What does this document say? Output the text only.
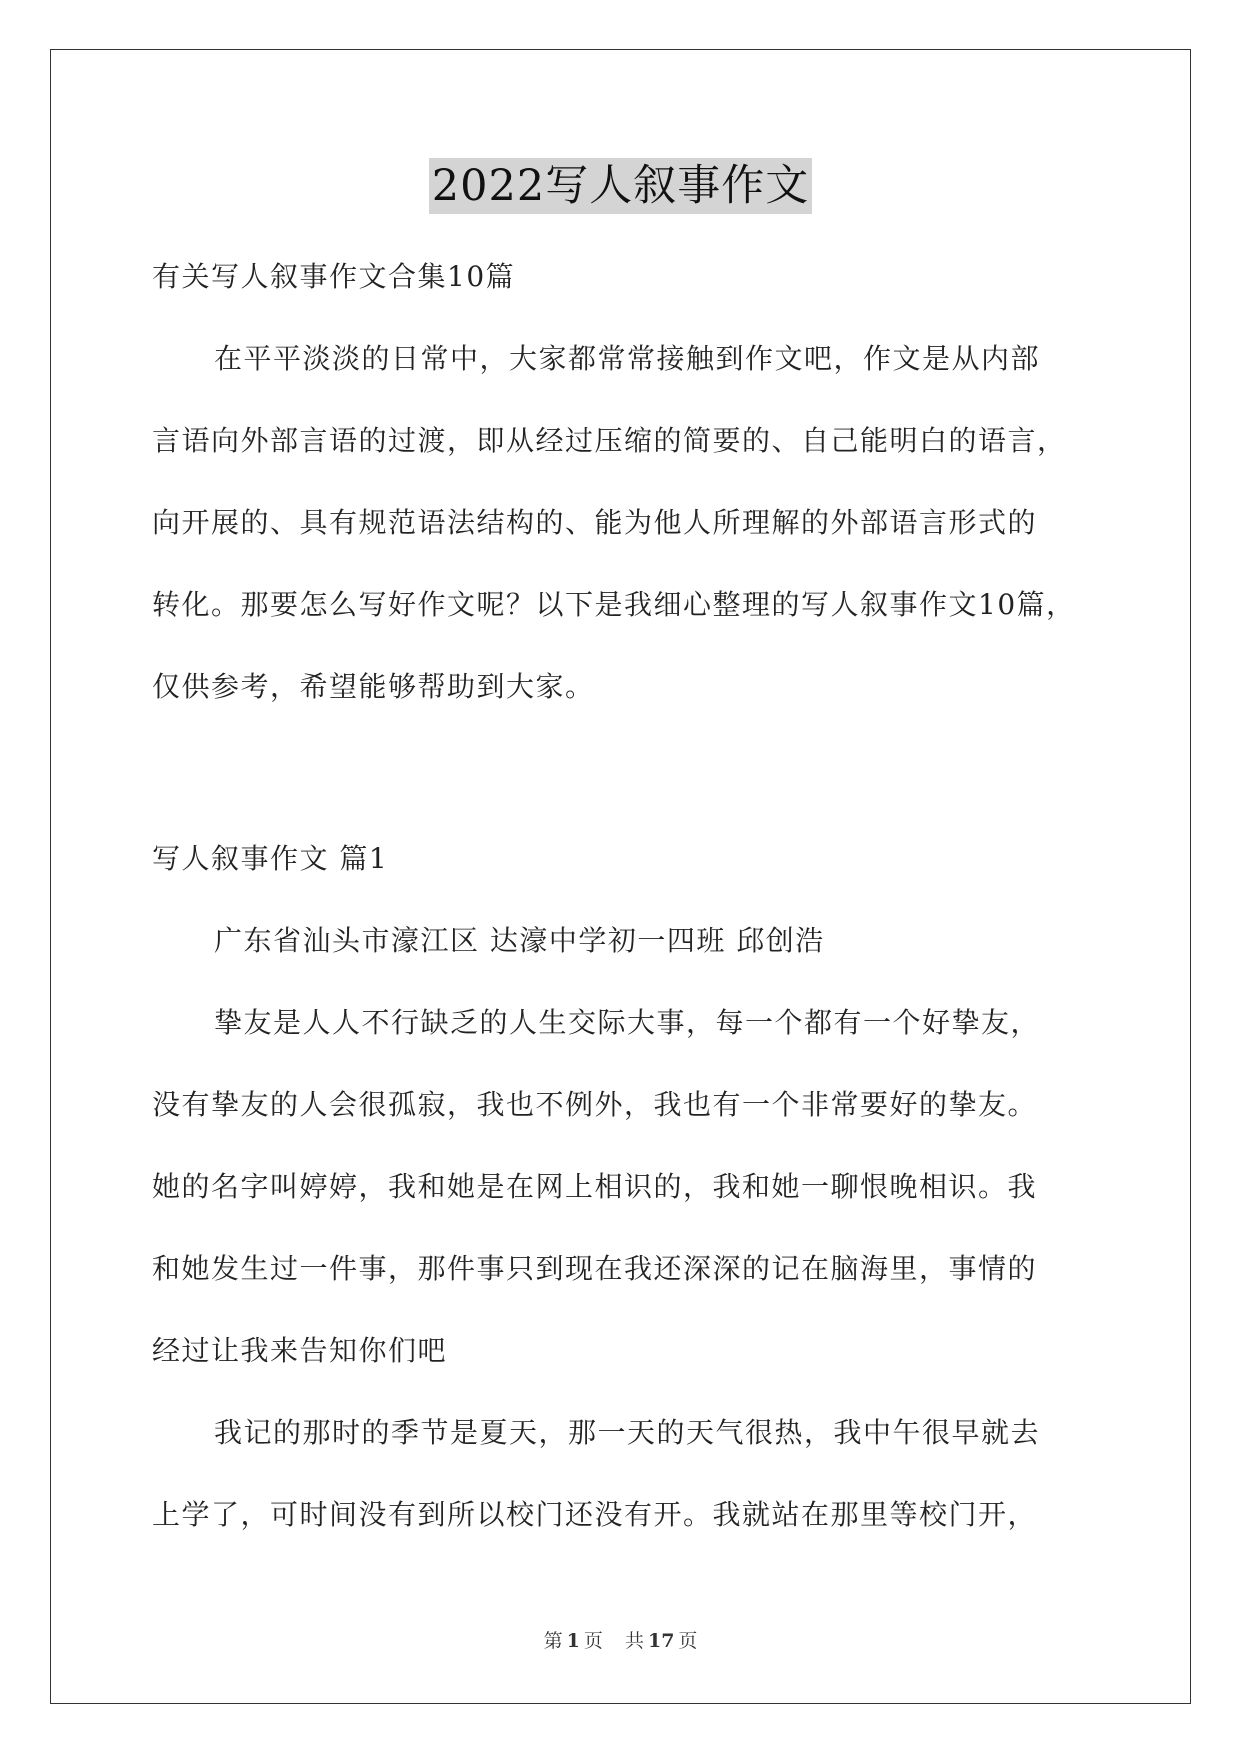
2022写人叙事作文

有关写人叙事作文合集10篇

在平平淡淡的日常中，大家都常常接触到作文吧，作文是从内部

言语向外部言语的过渡，即从经过压缩的简要的、自己能明白的语言，

向开展的、具有规范语法结构的、能为他人所理解的外部语言形式的

转化。那要怎么写好作文呢？以下是我细心整理的写人叙事作文10篇，

仅供参考，希望能够帮助到大家。

写人叙事作文 篇1

广东省汕头市濠江区 达濠中学初一四班 邱创浩

挚友是人人不行缺乏的人生交际大事，每一个都有一个好挚友，

没有挚友的人会很孤寂，我也不例外，我也有一个非常要好的挚友。

她的名字叫婷婷，我和她是在网上相识的，我和她一聊恨晚相识。我

和她发生过一件事，那件事只到现在我还深深的记在脑海里，事情的

经过让我来告知你们吧

我记的那时的季节是夏天，那一天的天气很热，我中午很早就去

上学了，可时间没有到所以校门还没有开。我就站在那里等校门开，

第 1 页 共 17 页
